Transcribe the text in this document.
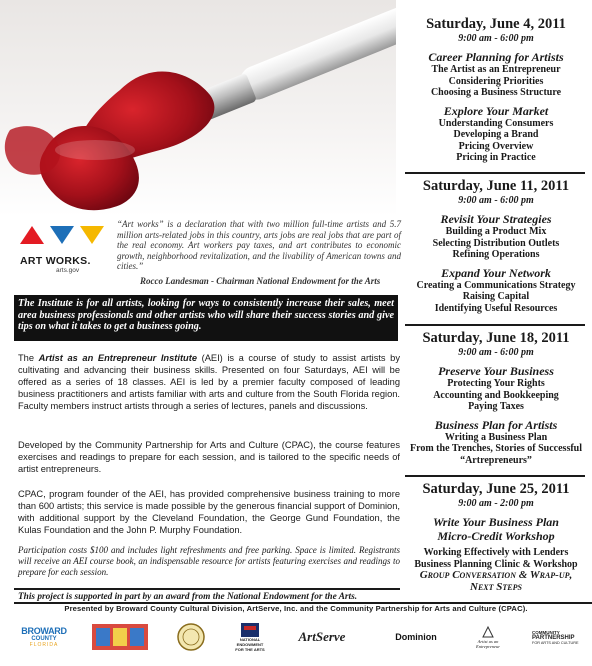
Saturday, June 4, 2011
9:00 am - 6:00 pm
Career Planning for Artists
The Artist as an Entrepreneur
Considering Priorities
Choosing a Business Structure
Explore Your Market
Understanding Consumers
Developing a Brand
Pricing Overview
Pricing in Practice
Saturday, June 11, 2011
9:00 am - 6:00 pm
Revisit Your Strategies
Building a Product Mix
Selecting Distribution Outlets
Refining Operations
Expand Your Network
Creating a Communications Strategy
Raising Capital
Identifying Useful Resources
Saturday, June 18, 2011
9:00 am - 6:00 pm
Preserve Your Business
Protecting Your Rights
Accounting and Bookkeeping
Paying Taxes
Business Plan for Artists
Writing a Business Plan
From the Trenches, Stories of Successful
“Artrepreneurs”
Saturday, June 25, 2011
9:00 am - 2:00 pm
Write Your Business Plan
Micro-Credit Workshop
Working Effectively with Lenders
Business Planning Clinic & Workshop
Group Conversation & Wrap-up,
Next Steps
ART WORKS.
arts.gov
“Art works” is a declaration that with two million full-time artists and 5.7 million arts-related jobs in this country, arts jobs are real jobs that are part of the real economy. Art workers pay taxes, and art contributes to economic growth, neighborhood revitalization, and the livability of American towns and cities.”
Rocco Landesman - Chairman National Endowment for the Arts
The Institute is for all artists, looking for ways to consistently increase their sales, meet area business professionals and other artists who will share their success stories and give tips on what it takes to get a business going.
The Artist as an Entrepreneur Institute (AEI) is a course of study to assist artists by cultivating and advancing their business skills. Presented on four Saturdays, AEI will be offered as a series of 18 classes. AEI is led by a premier faculty composed of leading business practitioners and artists familiar with arts and culture from the South Florida region. Faculty members instruct artists through a series of lectures, panels and discussions.
Developed by the Community Partnership for Arts and Culture (CPAC), the course features exercises and readings to prepare for each session, and is tailored to the specific needs of artist entrepreneurs.
CPAC, program founder of the AEI, has provided comprehensive business training to more than 600 artists; this service is made possible by the generous financial support of Dominion, with additional support by the Cleveland Foundation, the George Gund Foundation, the Kulas Foundation and the John P. Murphy Foundation.
Participation costs $100 and includes light refreshments and free parking. Space is limited. Registrants will receive an AEI course book, an indispensable resource for artists featuring exercises and readings to prepare for each session.
This project is supported in part by an award from the National Endowment for the Arts.
Presented by Broward County Cultural Division, ArtServe, Inc. and the Community Partnership for Arts and Culture (CPAC).
BROWARD
COUNTY
FLORIDA
NATIONAL
ENDOWMENT
FOR THE ARTS
ArtServe	Dominion	Artist as an Entrepreneur
COMMUNITY
PARTNERSHIP
FOR ARTS AND CULTURE
